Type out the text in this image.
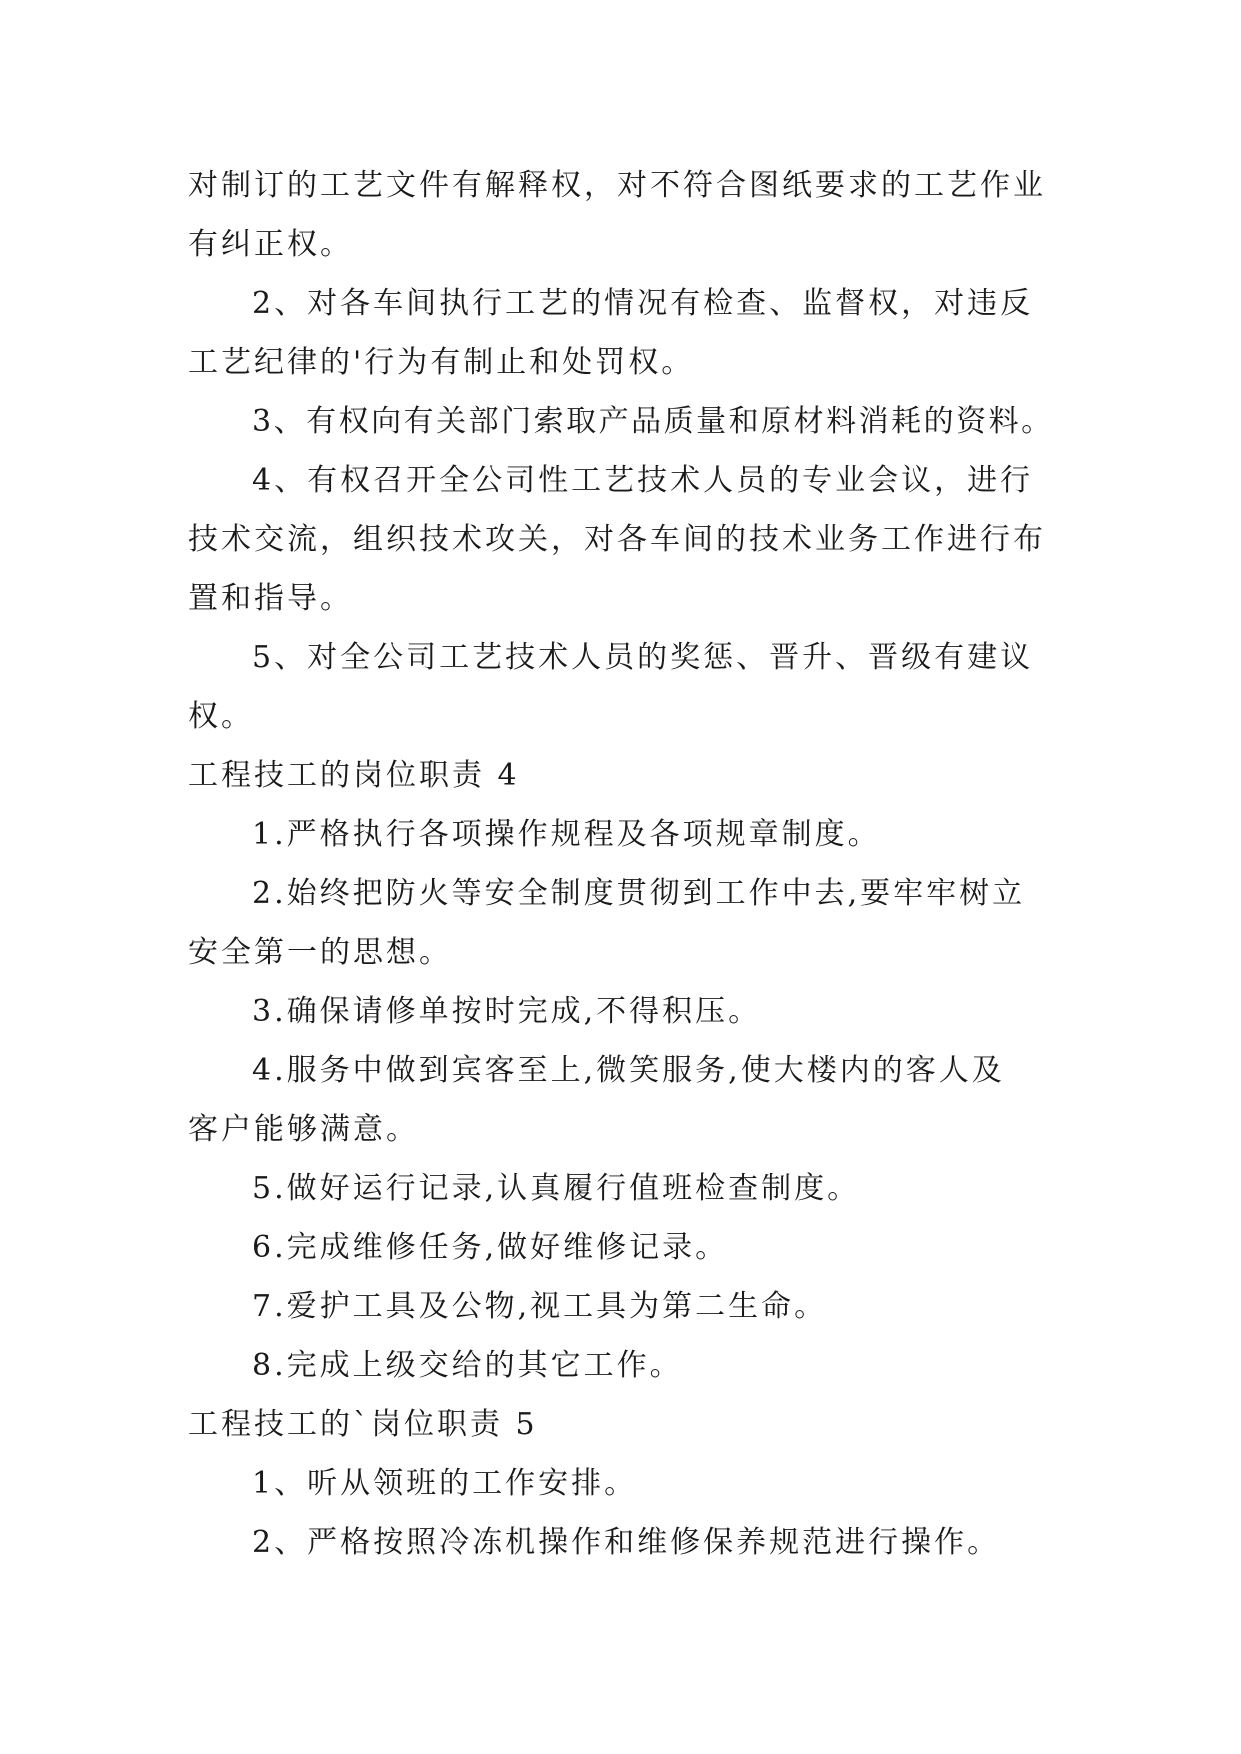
对制订的工艺文件有解释权，对不符合图纸要求的工艺作业
有纠正权。
2、对各车间执行工艺的情况有检查、监督权，对违反
工艺纪律的'行为有制止和处罚权。
3、有权向有关部门索取产品质量和原材料消耗的资料。
4、有权召开全公司性工艺技术人员的专业会议，进行
技术交流，组织技术攻关，对各车间的技术业务工作进行布
置和指导。
5、对全公司工艺技术人员的奖惩、晋升、晋级有建议
权。
工程技工的岗位职责 4
1.严格执行各项操作规程及各项规章制度。
2.始终把防火等安全制度贯彻到工作中去,要牢牢树立
安全第一的思想。
3.确保请修单按时完成,不得积压。
4.服务中做到宾客至上,微笑服务,使大楼内的客人及
客户能够满意。
5.做好运行记录,认真履行值班检查制度。
6.完成维修任务,做好维修记录。
7.爱护工具及公物,视工具为第二生命。
8.完成上级交给的其它工作。
工程技工的`岗位职责 5
1、听从领班的工作安排。
2、严格按照冷冻机操作和维修保养规范进行操作。
